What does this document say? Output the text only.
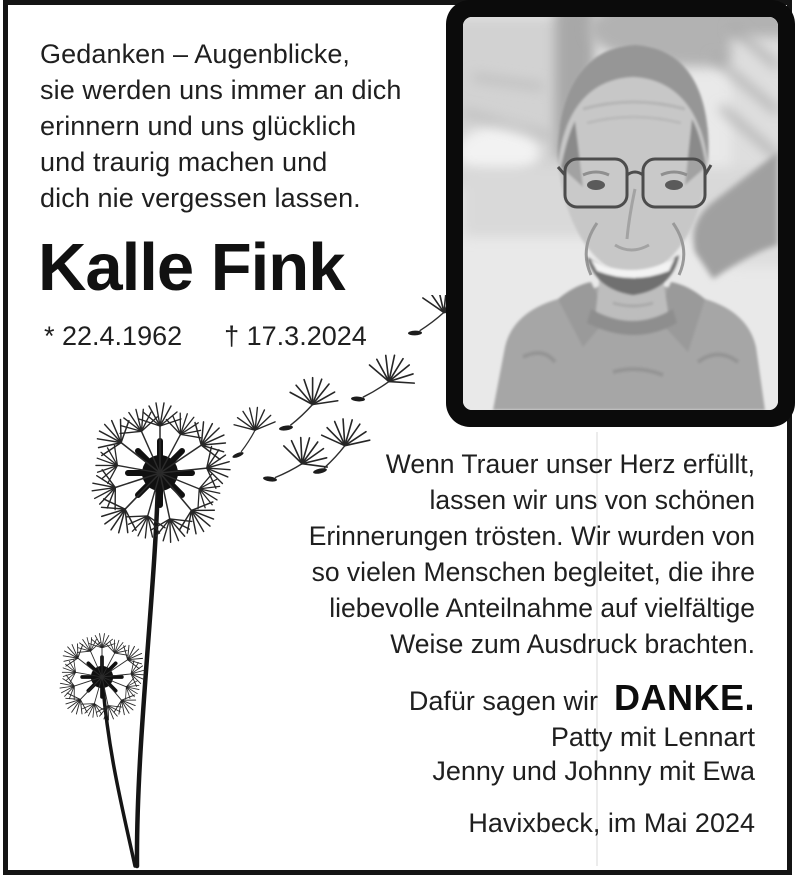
Gedanken – Augenblicke,
sie werden uns immer an dich
erinnern und uns glücklich
und traurig machen und
dich nie vergessen lassen.
Kalle Fink
* 22.4.1962 † 17.3.2024
Wenn Trauer unser Herz erfüllt,
lassen wir uns von schönen
Erinnerungen trösten. Wir wurden von
so vielen Menschen begleitet, die ihre
liebevolle Anteilnahme auf vielfältige
Weise zum Ausdruck brachten.
Dafür sagen wir DANKE.
Patty mit Lennart
Jenny und Johnny mit Ewa
Havixbeck, im Mai 2024
